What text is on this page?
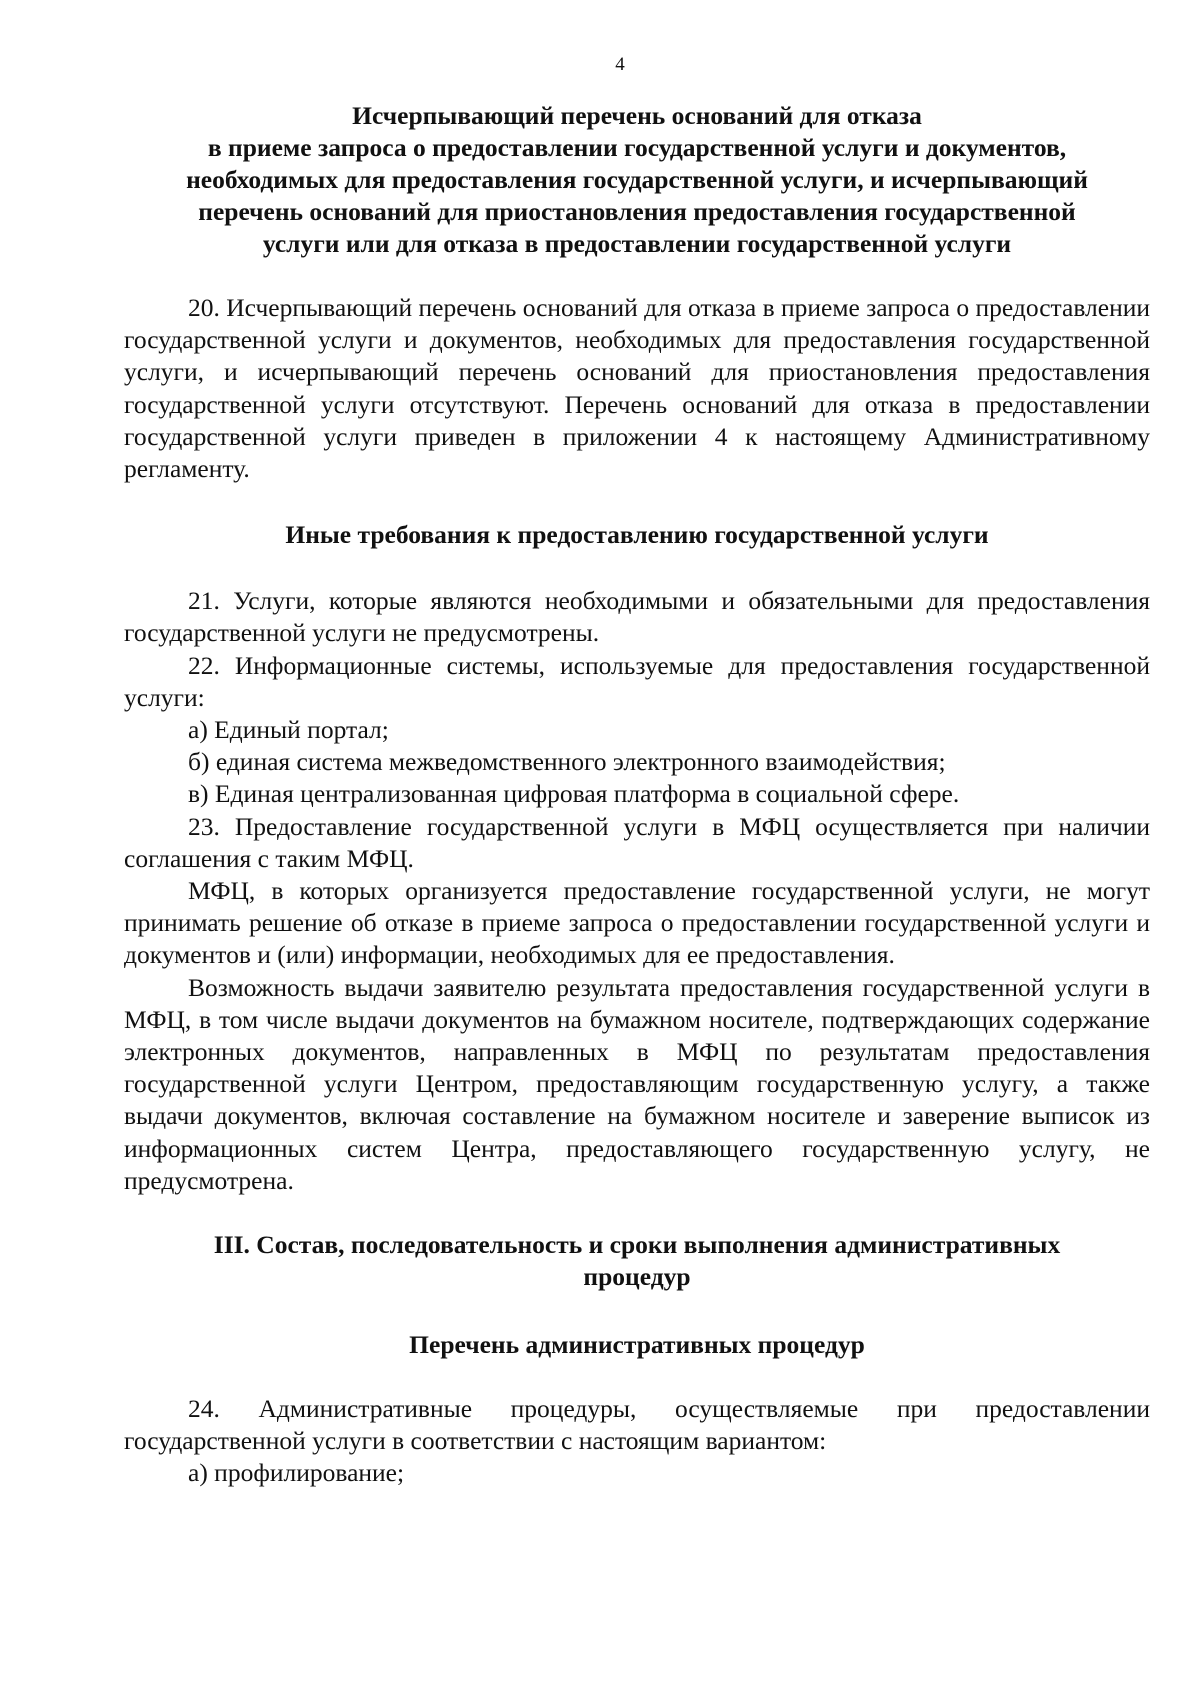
4
Исчерпывающий перечень оснований для отказа
в приеме запроса о предоставлении государственной услуги и документов,
необходимых для предоставления государственной услуги, и исчерпывающий
перечень оснований для приостановления предоставления государственной
услуги или для отказа в предоставлении государственной услуги

20. Исчерпывающий перечень оснований для отказа в приеме запроса о предоставлении государственной услуги и документов, необходимых для предоставления государственной услуги, и исчерпывающий перечень оснований для приостановления предоставления государственной услуги отсутствуют. Перечень оснований для отказа в предоставлении государственной услуги приведен в приложении 4 к настоящему Административному регламенту.

Иные требования к предоставлению государственной услуги

21. Услуги, которые являются необходимыми и обязательными для предоставления государственной услуги не предусмотрены.

22. Информационные системы, используемые для предоставления государственной услуги:

а) Единый портал;

б) единая система межведомственного электронного взаимодействия;

в) Единая централизованная цифровая платформа в социальной сфере.

23. Предоставление государственной услуги в МФЦ осуществляется при наличии соглашения с таким МФЦ.

МФЦ, в которых организуется предоставление государственной услуги, не могут принимать решение об отказе в приеме запроса о предоставлении государственной услуги и документов и (или) информации, необходимых для ее предоставления.

Возможность выдачи заявителю результата предоставления государственной услуги в МФЦ, в том числе выдачи документов на бумажном носителе, подтверждающих содержание электронных документов, направленных в МФЦ по результатам предоставления государственной услуги Центром, предоставляющим государственную услугу, а также выдачи документов, включая составление на бумажном носителе и заверение выписок из информационных систем Центра, предоставляющего государственную услугу, не предусмотрена.

III. Состав, последовательность и сроки выполнения административных
процедур
Перечень административных процедур

24. Административные процедуры, осуществляемые при предоставлении государственной услуги в соответствии с настоящим вариантом:

а) профилирование;
